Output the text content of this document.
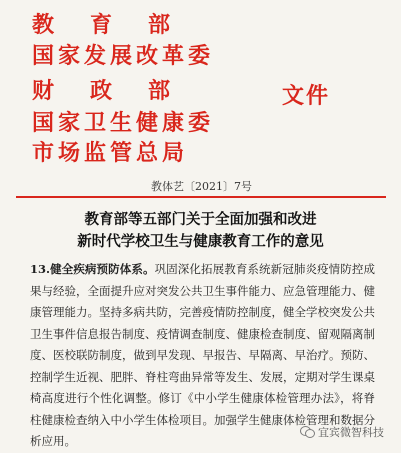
教育部
国家发展改革委
财政部	文件
国家卫生健康委
市场监管总局
教体艺〔2021〕7号
教育部等五部门关于全面加强和改进
新时代学校卫生与健康教育工作的意见

13.健全疾病预防体系。巩固深化拓展教育系统新冠肺炎疫情防控成果与经验，全面提升应对突发公共卫生事件能力、应急管理能力、健康管理能力。坚持多病共防，完善疫情防控制度，健全学校突发公共卫生事件信息报告制度、疫情调查制度、健康检查制度、留观隔离制度、医校联防制度，做到早发现、早报告、早隔离、早治疗。预防、控制学生近视、肥胖、脊柱弯曲异常等发生、发展，定期对学生课桌椅高度进行个性化调整。修订《中小学生健康体检管理办法》，将脊柱健康检查纳入中小学生体检项目。加强学生健康体检管理和数据分析应用。

宜宾微智科技
